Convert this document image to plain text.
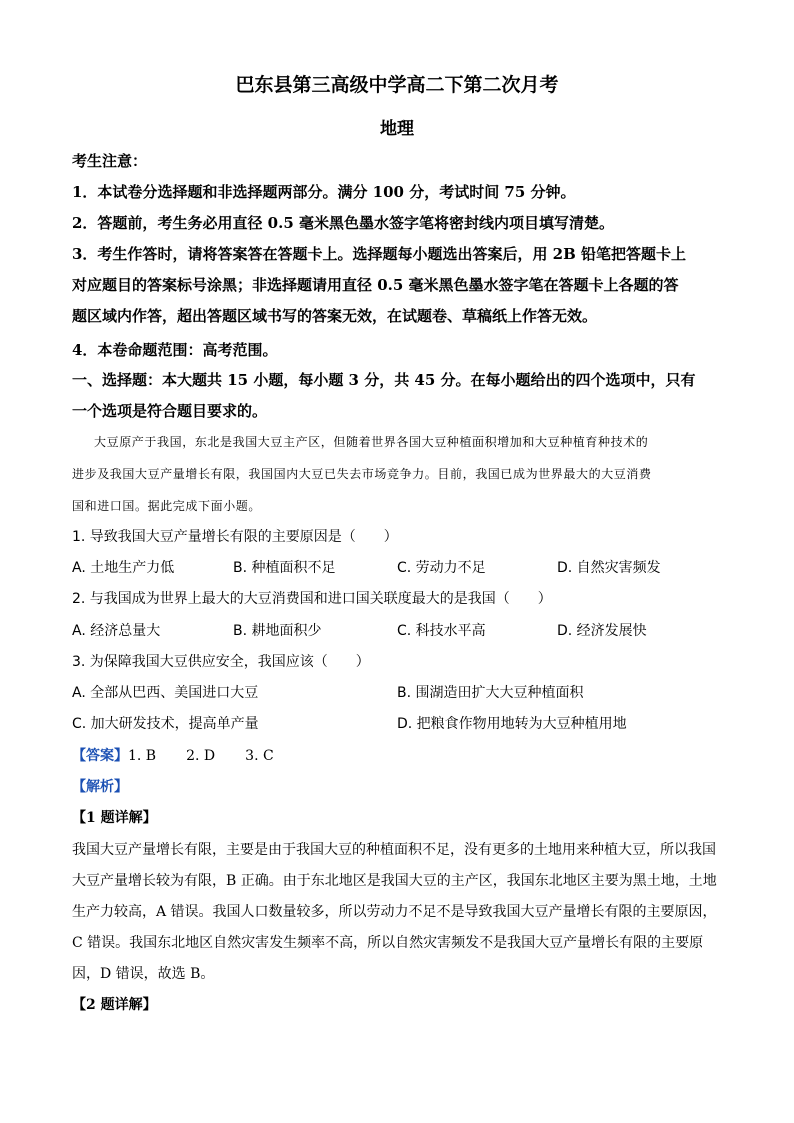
巴东县第三高级中学高二下第二次月考
地理
考生注意：
1．本试卷分选择题和非选择题两部分。满分 100 分，考试时间 75 分钟。
2．答题前，考生务必用直径 0.5 毫米黑色墨水签字笔将密封线内项目填写清楚。
3．考生作答时，请将答案答在答题卡上。选择题每小题选出答案后，用 2B 铅笔把答题卡上
对应题目的答案标号涂黑；非选择题请用直径 0.5 毫米黑色墨水签字笔在答题卡上各题的答
题区域内作答，超出答题区域书写的答案无效，在试题卷、草稿纸上作答无效。
4．本卷命题范围：高考范围。
一、选择题：本大题共 15 小题，每小题 3 分，共 45 分。在每小题给出的四个选项中，只有
一个选项是符合题目要求的。
大豆原产于我国，东北是我国大豆主产区，但随着世界各国大豆种植面积增加和大豆种植育种技术的
进步及我国大豆产量增长有限，我国国内大豆已失去市场竞争力。目前，我国已成为世界最大的大豆消费
国和进口国。据此完成下面小题。
1. 导致我国大豆产量增长有限的主要原因是（　　）
A. 土地生产力低	B. 种植面积不足	C. 劳动力不足	D. 自然灾害频发
2. 与我国成为世界上最大的大豆消费国和进口国关联度最大的是我国（　　）
A. 经济总量大	B. 耕地面积少	C. 科技水平高	D. 经济发展快
3. 为保障我国大豆供应安全，我国应该（　　）
A. 全部从巴西、美国进口大豆	B. 围湖造田扩大大豆种植面积
C. 加大研发技术，提高单产量	D. 把粮食作物用地转为大豆种植用地
【答案】1. B 2. D 3. C
【解析】
【1 题详解】
我国大豆产量增长有限，主要是由于我国大豆的种植面积不足，没有更多的土地用来种植大豆，所以我国
大豆产量增长较为有限，B 正确。由于东北地区是我国大豆的主产区，我国东北地区主要为黑土地，土地
生产力较高，A 错误。我国人口数量较多，所以劳动力不足不是导致我国大豆产量增长有限的主要原因，
C 错误。我国东北地区自然灾害发生频率不高，所以自然灾害频发不是我国大豆产量增长有限的主要原
因，D 错误，故选 B。
【2 题详解】
